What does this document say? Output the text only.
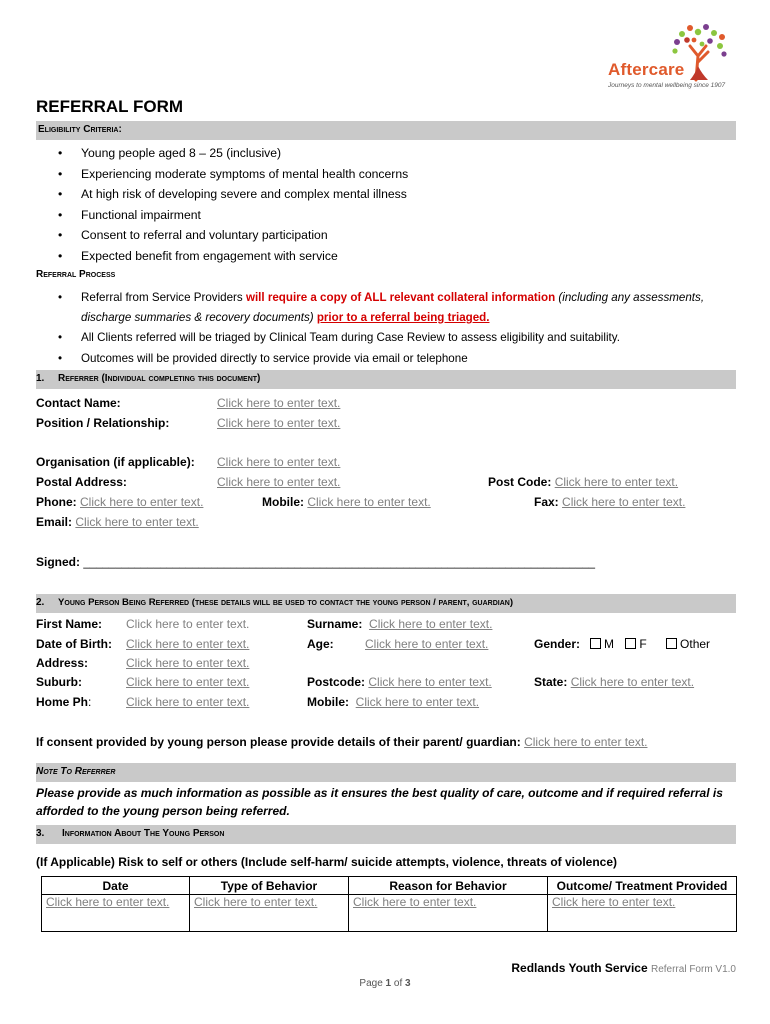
Aftercare
Journeys to mental wellbeing since 1907
REFERRAL FORM
Eligibility Criteria:
• Young people aged 8 – 25 (inclusive)
• Experiencing moderate symptoms of mental health concerns
• At high risk of developing severe and complex mental illness
• Functional impairment
• Consent to referral and voluntary participation
• Expected benefit from engagement with service
Referral Process
• Referral from Service Providers will require a copy of ALL relevant collateral information (including any assessments, discharge summaries & recovery documents) prior to a referral being triaged.
• All Clients referred will be triaged by Clinical Team during Case Review to assess eligibility and suitability.
• Outcomes will be provided directly to service provide via email or telephone
1. Referrer (Individual completing this document)
Contact Name:	Click here to enter text.
Position / Relationship:	Click here to enter text.
Organisation (if applicable): Click here to enter text.
Postal Address:	Click here to enter text.	Post Code: Click here to enter text.
Phone: Click here to enter text.	Mobile: Click here to enter text.	Fax: Click here to enter text.
Email: Click here to enter text.
Signed: ________________________________________________________________________________
2. Young Person Being Referred (these details will be used to contact the young person / parent, guardian)
First Name: Click here to enter text.	Surname: Click here to enter text.
Date of Birth: Click here to enter text.	Age:	Click here to enter text.	Gender:	M F	Other
Address:	Click here to enter text.
Suburb:	Click here to enter text.	Postcode: Click here to enter text.	State: Click here to enter text.
Home Ph:	Click here to enter text.	Mobile: Click here to enter text.
If consent provided by young person please provide details of their parent/ guardian: Click here to enter text.
Note To Referrer
Please provide as much information as possible as it ensures the best quality of care, outcome and if required referral is afforded to the young person being referred.
3. Information About The Young Person
(If Applicable) Risk to self or others (Include self-harm/ suicide attempts, violence, threats of violence)
Date	Type of Behavior	Reason for Behavior	Outcome/ Treatment Provided
Click here to enter text.	Click here to enter text.	Click here to enter text.	Click here to enter text.
Redlands Youth Service Referral Form V1.0
Page 1 of 3
